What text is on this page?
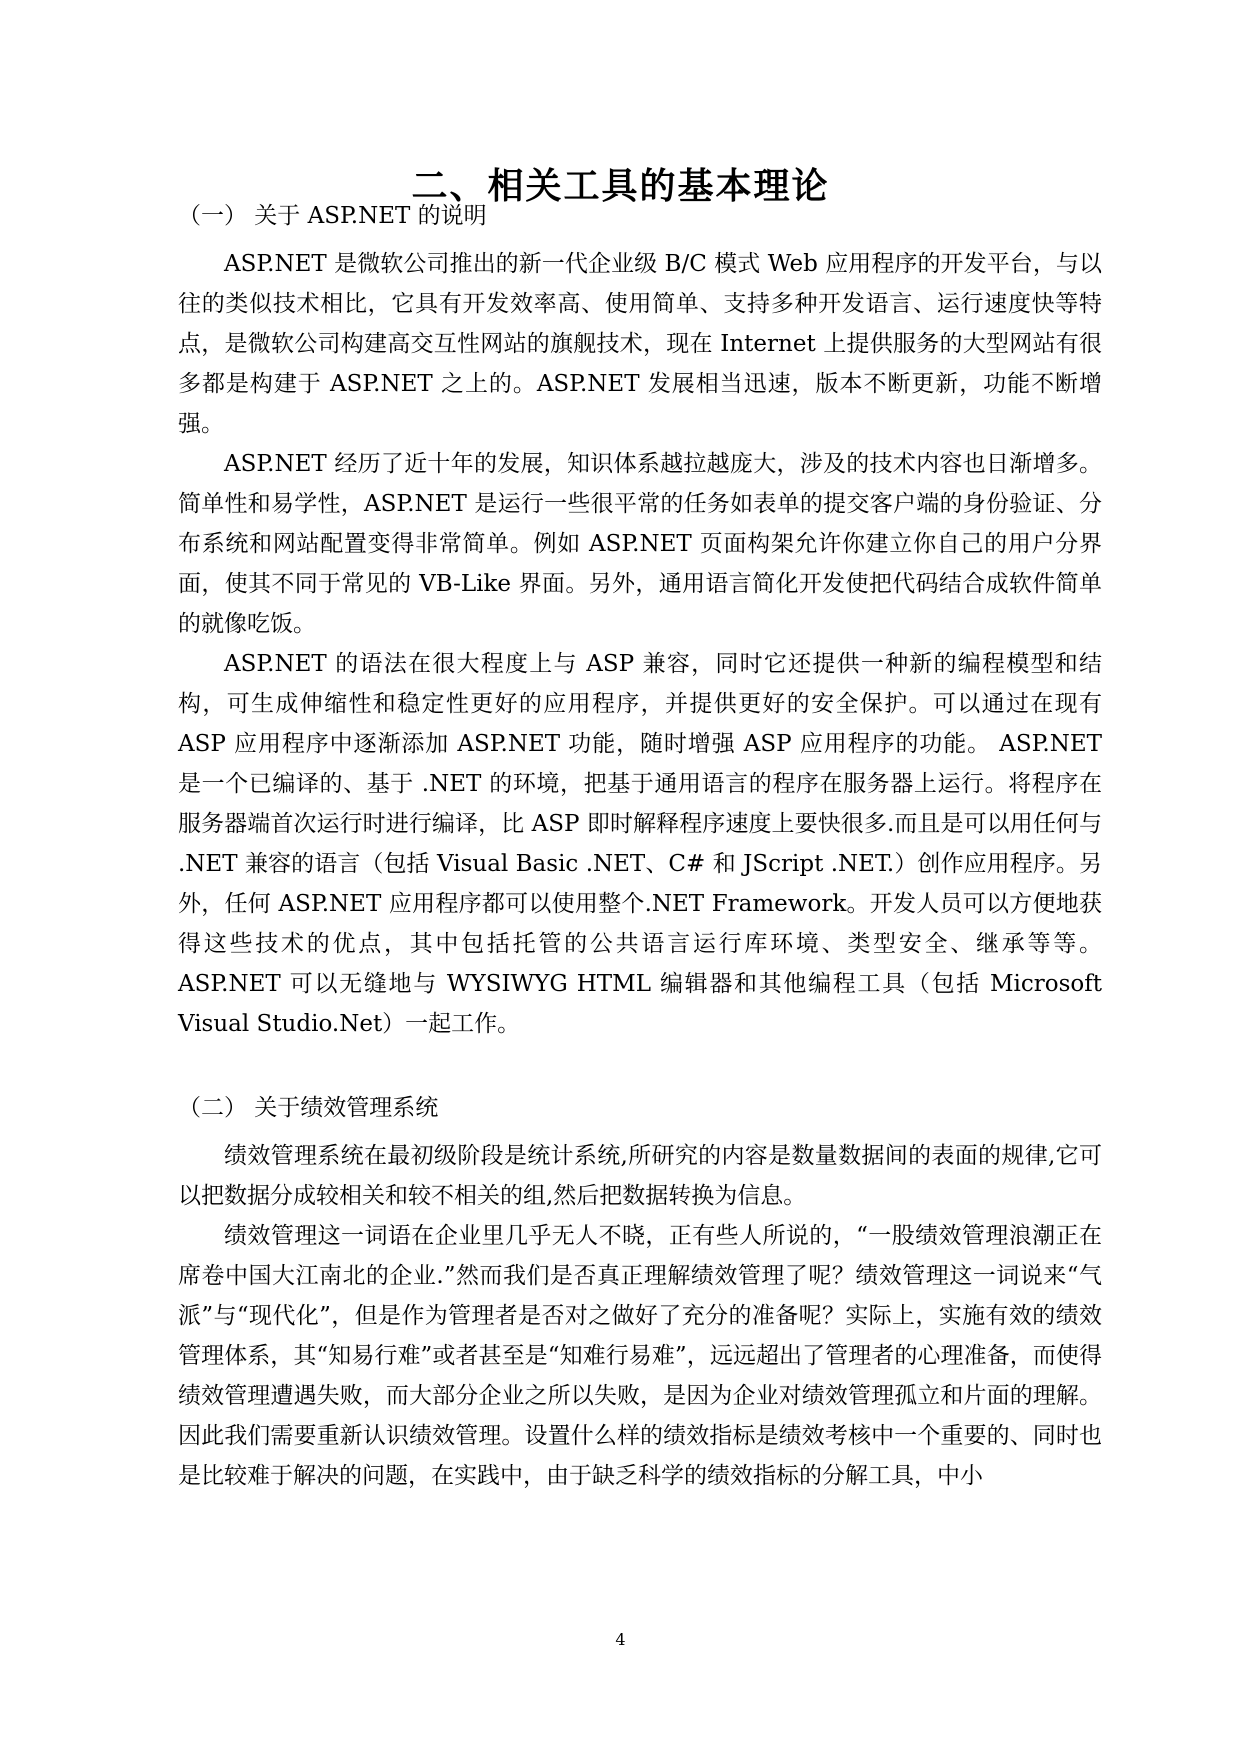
二、相关工具的基本理论
（一） 关于 ASP.NET 的说明

ASP.NET 是微软公司推出的新一代企业级 B/C 模式 Web 应用程序的开发平台，与以往的类似技术相比，它具有开发效率高、使用简单、支持多种开发语言、运行速度快等特点，是微软公司构建高交互性网站的旗舰技术，现在 Internet 上提供服务的大型网站有很多都是构建于 ASP.NET 之上的。ASP.NET 发展相当迅速，版本不断更新，功能不断增强。

ASP.NET 经历了近十年的发展，知识体系越拉越庞大，涉及的技术内容也日渐增多。简单性和易学性，ASP.NET 是运行一些很平常的任务如表单的提交客户端的身份验证、分布系统和网站配置变得非常简单。例如 ASP.NET 页面构架允许你建立你自己的用户分界面，使其不同于常见的 VB-Like 界面。另外，通用语言简化开发使把代码结合成软件简单的就像吃饭。

ASP.NET 的语法在很大程度上与 ASP 兼容，同时它还提供一种新的编程模型和结构，可生成伸缩性和稳定性更好的应用程序，并提供更好的安全保护。可以通过在现有 ASP 应用程序中逐渐添加 ASP.NET 功能，随时增强 ASP 应用程序的功能。 ASP.NET 是一个已编译的、基于 .NET 的环境，把基于通用语言的程序在服务器上运行。将程序在服务器端首次运行时进行编译，比 ASP 即时解释程序速度上要快很多.而且是可以用任何与 .NET 兼容的语言（包括 Visual Basic .NET、C# 和 JScript .NET.）创作应用程序。另外，任何 ASP.NET 应用程序都可以使用整个.NET Framework。开发人员可以方便地获得这些技术的优点，其中包括托管的公共语言运行库环境、类型安全、继承等等。 ASP.NET 可以无缝地与 WYSIWYG HTML 编辑器和其他编程工具（包括 Microsoft Visual Studio.Net）一起工作。

（二） 关于绩效管理系统

绩效管理系统在最初级阶段是统计系统,所研究的内容是数量数据间的表面的规律,它可以把数据分成较相关和较不相关的组,然后把数据转换为信息。

绩效管理这一词语在企业里几乎无人不晓，正有些人所说的，“一股绩效管理浪潮正在席卷中国大江南北的企业.”然而我们是否真正理解绩效管理了呢？绩效管理这一词说来“气派”与“现代化”，但是作为管理者是否对之做好了充分的准备呢？实际上，实施有效的绩效管理体系，其“知易行难”或者甚至是“知难行易难”，远远超出了管理者的心理准备，而使得绩效管理遭遇失败，而大部分企业之所以失败，是因为企业对绩效管理孤立和片面的理解。因此我们需要重新认识绩效管理。设置什么样的绩效指标是绩效考核中一个重要的、同时也是比较难于解决的问题，在实践中，由于缺乏科学的绩效指标的分解工具，中小

4
